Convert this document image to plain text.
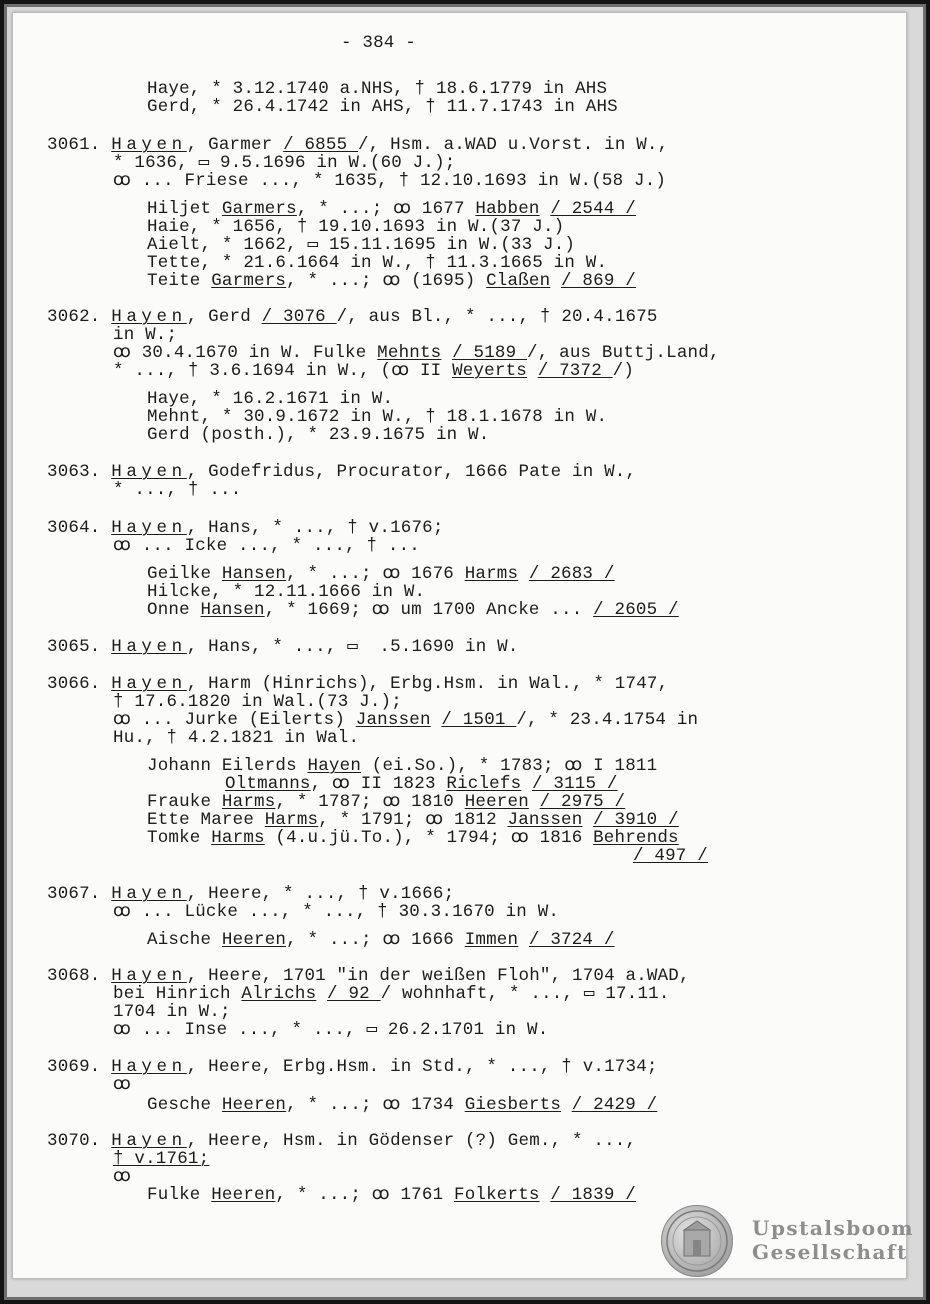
- 384 -
Haye, * 3.12.1740 a.NHS, † 18.6.1779 in AHS
Gerd, * 26.4.1742 in AHS, † 11.7.1743 in AHS
3061. Hayen, Garmer / 6855 /, Hsm. a.WAD u.Vorst. in W.,
* 1636, ▭ 9.5.1696 in W.(60 J.);
ꝏ ... Friese ..., * 1635, † 12.10.1693 in W.(58 J.)
Hiljet Garmers, * ...; ꝏ 1677 Habben / 2544 /
Haie, * 1656, † 19.10.1693 in W.(37 J.)
Aielt, * 1662, ▭ 15.11.1695 in W.(33 J.)
Tette, * 21.6.1664 in W., † 11.3.1665 in W.
Teite Garmers, * ...; ꝏ (1695) Claßen / 869 /
3062. Hayen, Gerd / 3076 /, aus Bl., * ..., † 20.4.1675
in W.;
ꝏ 30.4.1670 in W. Fulke Mehnts / 5189 /, aus Buttj.Land,
* ..., † 3.6.1694 in W., (ꝏ II Weyerts / 7372 /)
Haye, * 16.2.1671 in W.
Mehnt, * 30.9.1672 in W., † 18.1.1678 in W.
Gerd (posth.), * 23.9.1675 in W.
3063. Hayen, Godefridus, Procurator, 1666 Pate in W.,
* ..., † ...
3064. Hayen, Hans, * ..., † v.1676;
ꝏ ... Icke ..., * ..., † ...
Geilke Hansen, * ...; ꝏ 1676 Harms / 2683 /
Hilcke, * 12.11.1666 in W.
Onne Hansen, * 1669; ꝏ um 1700 Ancke ... / 2605 /
3065. Hayen, Hans, * ..., ▭  .5.1690 in W.
3066. Hayen, Harm (Hinrichs), Erbg.Hsm. in Wal., * 1747,
† 17.6.1820 in Wal.(73 J.);
ꝏ ... Jurke (Eilerts) Janssen / 1501 /, * 23.4.1754 in
Hu., † 4.2.1821 in Wal.
Johann Eilerds Hayen (ei.So.), * 1783; ꝏ I 1811
Oltmanns, ꝏ II 1823 Riclefs / 3115 /
Frauke Harms, * 1787; ꝏ 1810 Heeren / 2975 /
Ette Maree Harms, * 1791; ꝏ 1812 Janssen / 3910 /
Tomke Harms (4.u.jü.To.), * 1794; ꝏ 1816 Behrends
/ 497 /
3067. Hayen, Heere, * ..., † v.1666;
ꝏ ... Lücke ..., * ..., † 30.3.1670 in W.
Aische Heeren, * ...; ꝏ 1666 Immen / 3724 /
3068. Hayen, Heere, 1701 "in der weißen Floh", 1704 a.WAD,
bei Hinrich Alrichs / 92 / wohnhaft, * ..., ▭ 17.11.
1704 in W.;
ꝏ ... Inse ..., * ..., ▭ 26.2.1701 in W.
3069. Hayen, Heere, Erbg.Hsm. in Std., * ..., † v.1734;
ꝏ
Gesche Heeren, * ...; ꝏ 1734 Giesberts / 2429 /
3070. Hayen, Heere, Hsm. in Gödenser (?) Gem., * ...,
† v.1761;
ꝏ
Fulke Heeren, * ...; ꝏ 1761 Folkerts / 1839 /
Upstalsboom
Gesellschaft
